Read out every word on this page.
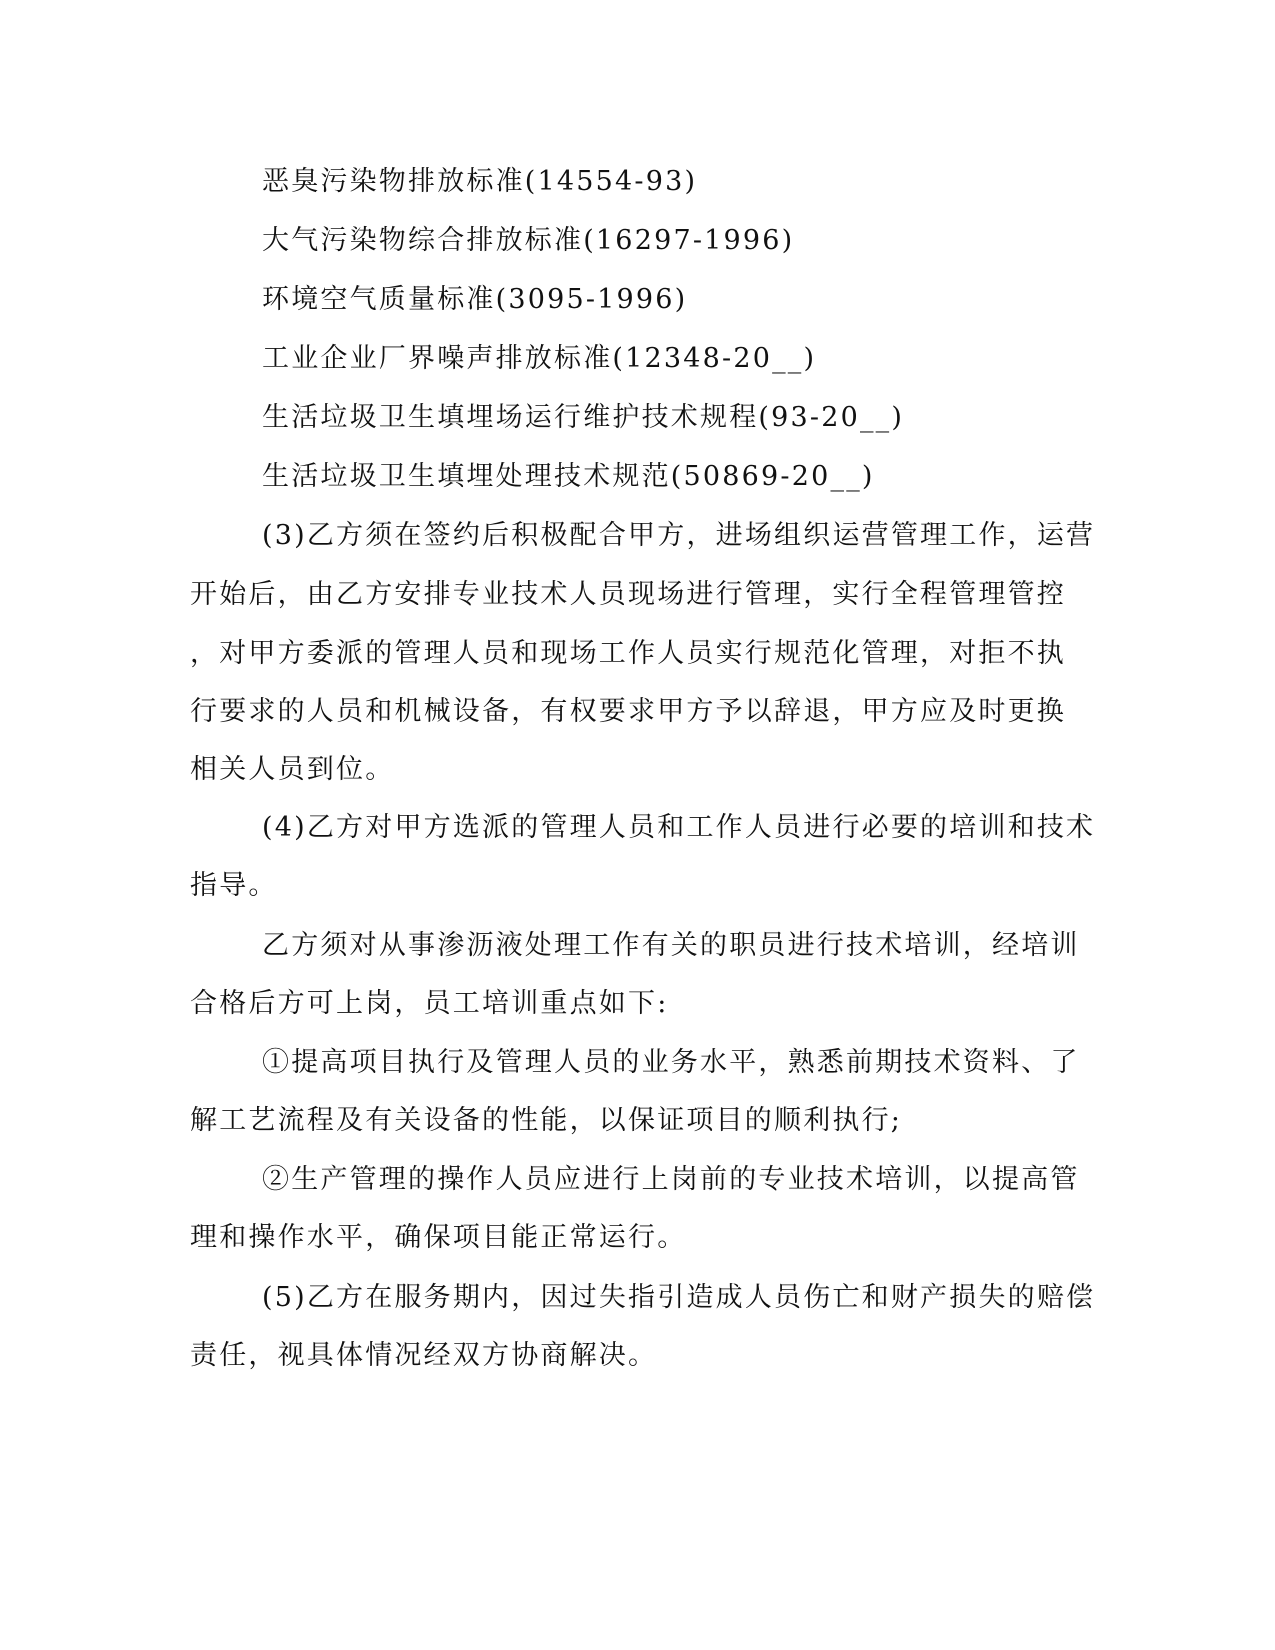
恶臭污染物排放标准(14554-93)
大气污染物综合排放标准(16297-1996)
环境空气质量标准(3095-1996)
工业企业厂界噪声排放标准(12348-20__)
生活垃圾卫生填埋场运行维护技术规程(93-20__)
生活垃圾卫生填埋处理技术规范(50869-20__)
(3)乙方须在签约后积极配合甲方，进场组织运营管理工作，运营
开始后，由乙方安排专业技术人员现场进行管理，实行全程管理管控
，对甲方委派的管理人员和现场工作人员实行规范化管理，对拒不执
行要求的人员和机械设备，有权要求甲方予以辞退，甲方应及时更换
相关人员到位。
(4)乙方对甲方选派的管理人员和工作人员进行必要的培训和技术
指导。
乙方须对从事渗沥液处理工作有关的职员进行技术培训，经培训
合格后方可上岗，员工培训重点如下:
①提高项目执行及管理人员的业务水平，熟悉前期技术资料、了
解工艺流程及有关设备的性能，以保证项目的顺利执行;
②生产管理的操作人员应进行上岗前的专业技术培训，以提高管
理和操作水平，确保项目能正常运行。
(5)乙方在服务期内，因过失指引造成人员伤亡和财产损失的赔偿
责任，视具体情况经双方协商解决。
